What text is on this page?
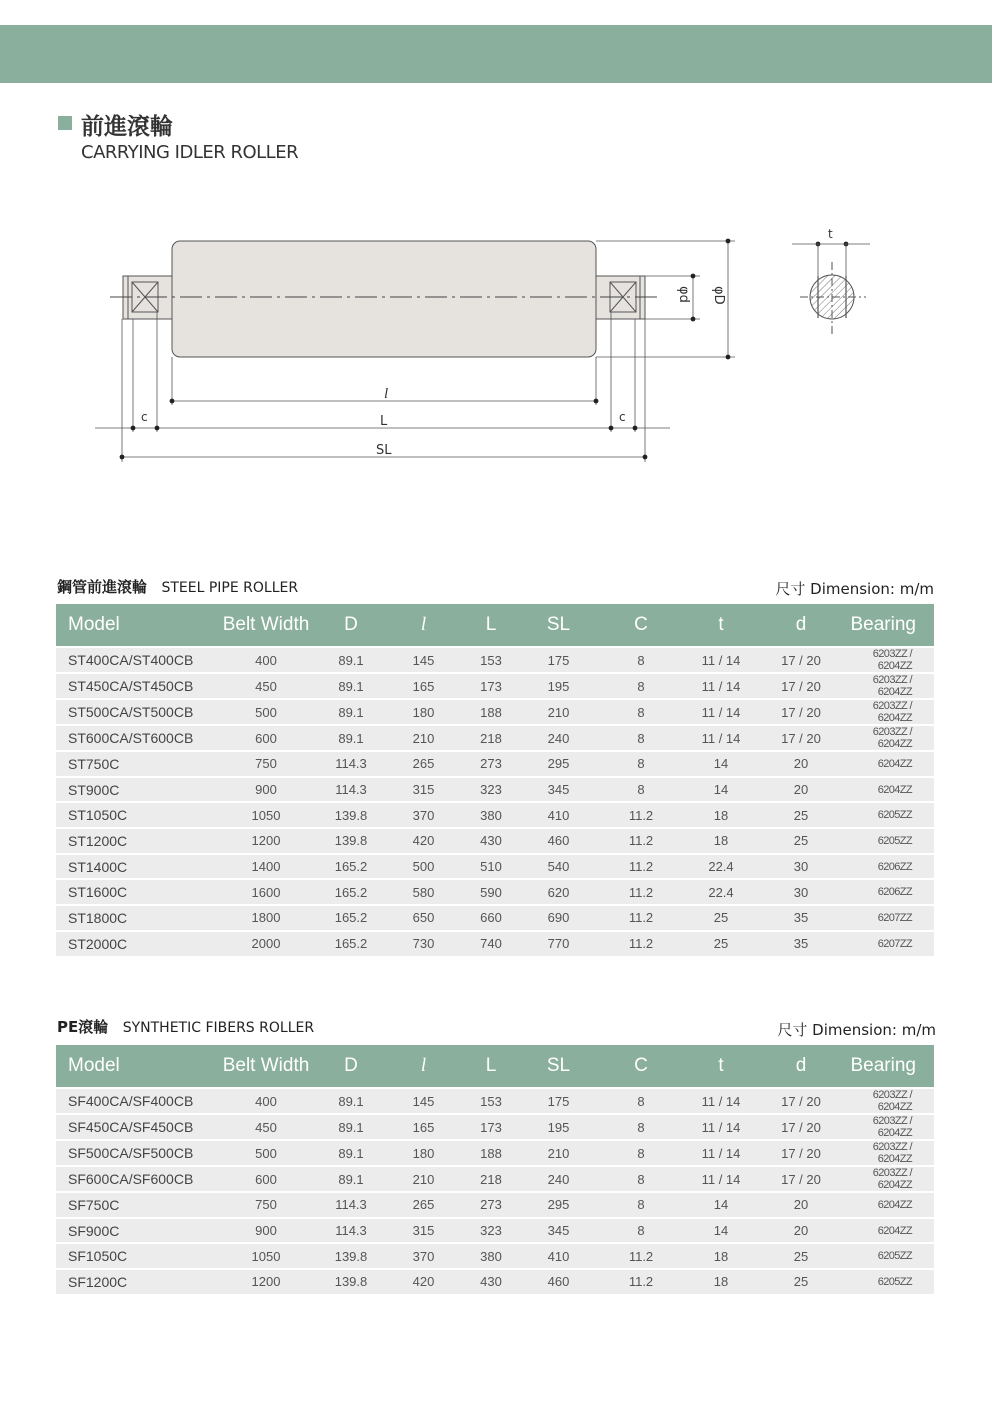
前進滾輪
CARRYING IDLER ROLLER
l
L
SL
c	c
φd φD
t
鋼管前進滾輪 STEEL PIPE ROLLER	尺寸 Dimension: m/m
Model	Belt Width	D	l	L	SL	C	t	d	Bearing
ST400CA/ST400CB	400	89.1	145	153	175	8	11 / 14	17 / 20	6203ZZ / 6204ZZ
ST450CA/ST450CB	450	89.1	165	173	195	8	11 / 14	17 / 20	6203ZZ / 6204ZZ
ST500CA/ST500CB	500	89.1	180	188	210	8	11 / 14	17 / 20	6203ZZ / 6204ZZ
ST600CA/ST600CB	600	89.1	210	218	240	8	11 / 14	17 / 20	6203ZZ / 6204ZZ
ST750C	750	114.3	265	273	295	8	14	20	6204ZZ
ST900C	900	114.3	315	323	345	8	14	20	6204ZZ
ST1050C	1050	139.8	370	380	410	11.2	18	25	6205ZZ
ST1200C	1200	139.8	420	430	460	11.2	18	25	6205ZZ
ST1400C	1400	165.2	500	510	540	11.2	22.4	30	6206ZZ
ST1600C	1600	165.2	580	590	620	11.2	22.4	30	6206ZZ
ST1800C	1800	165.2	650	660	690	11.2	25	35	6207ZZ
ST2000C	2000	165.2	730	740	770	11.2	25	35	6207ZZ
PE滾輪 SYNTHETIC FIBERS ROLLER	尺寸 Dimension: m/m
Model	Belt Width	D	l	L	SL	C	t	d	Bearing
SF400CA/SF400CB	400	89.1	145	153	175	8	11 / 14	17 / 20	6203ZZ / 6204ZZ
SF450CA/SF450CB	450	89.1	165	173	195	8	11 / 14	17 / 20	6203ZZ / 6204ZZ
SF500CA/SF500CB	500	89.1	180	188	210	8	11 / 14	17 / 20	6203ZZ / 6204ZZ
SF600CA/SF600CB	600	89.1	210	218	240	8	11 / 14	17 / 20	6203ZZ / 6204ZZ
SF750C	750	114.3	265	273	295	8	14	20	6204ZZ
SF900C	900	114.3	315	323	345	8	14	20	6204ZZ
SF1050C	1050	139.8	370	380	410	11.2	18	25	6205ZZ
SF1200C	1200	139.8	420	430	460	11.2	18	25	6205ZZ
